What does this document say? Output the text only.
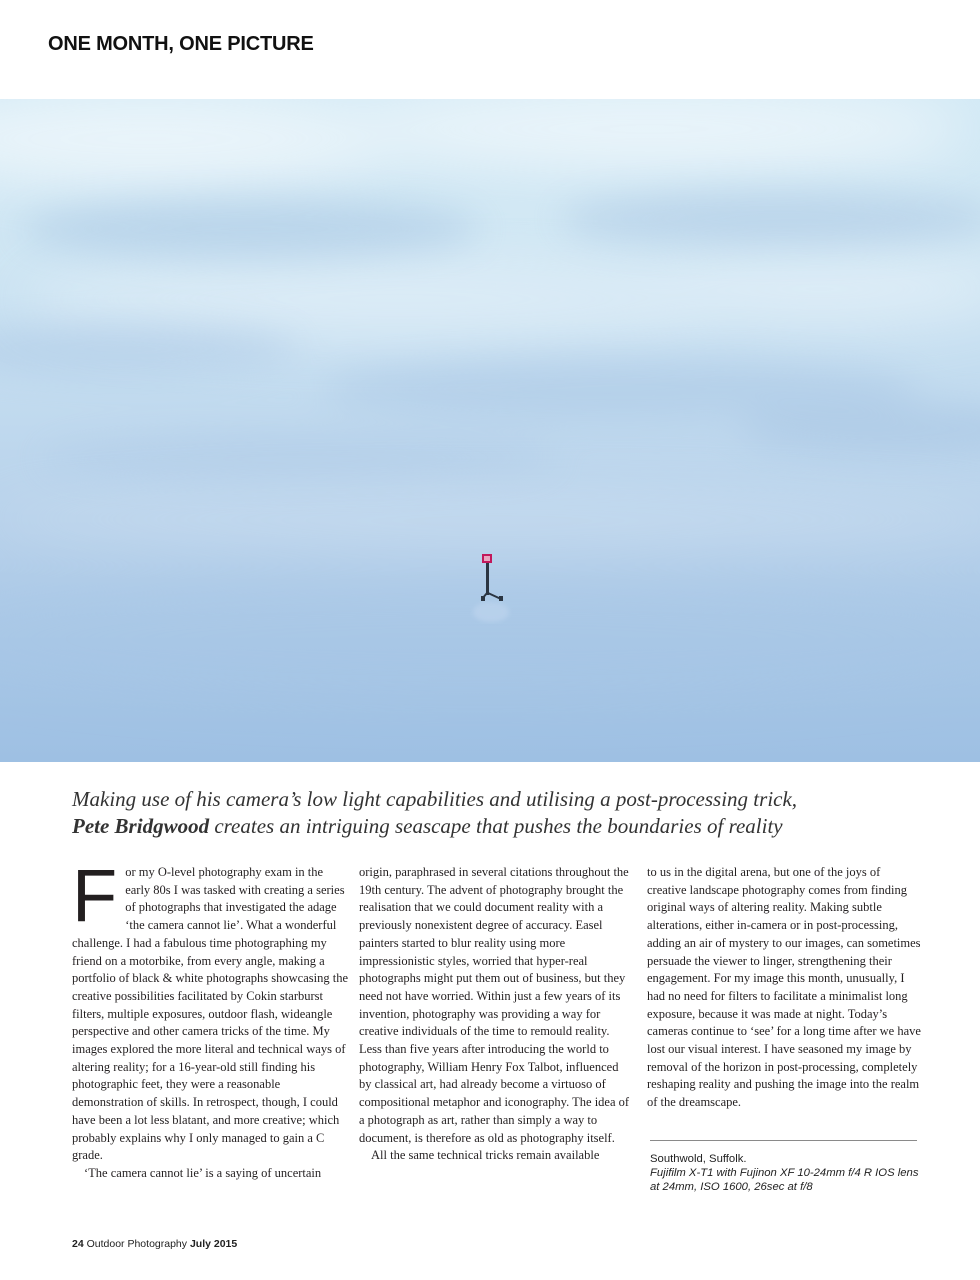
ONE MONTH, ONE PICTURE
Making use of his camera’s low light capabilities and utilising a post-processing trick,
Pete Bridgwood creates an intriguing seascape that pushes the boundaries of reality
F or my O-level photography exam in the early 80s I was tasked with creating a series of photographs that investigated the adage ‘the camera cannot lie’. What a wonderful challenge. I had a fabulous time photographing my friend on a motorbike, from every angle, making a portfolio of black & white photographs showcasing the creative possibilities facilitated by Cokin starburst filters, multiple exposures, outdoor flash, wideangle perspective and other camera tricks of the time. My images explored the more literal and technical ways of altering reality; for a 16-year-old still finding his photographic feet, they were a reasonable demonstration of skills. In retrospect, though, I could have been a lot less blatant, and more creative; which probably explains why I only managed to gain a C grade.

‘The camera cannot lie’ is a saying of uncertain

origin, paraphrased in several citations throughout the 19th century. The advent of photography brought the realisation that we could document reality with a previously nonexistent degree of accuracy. Easel painters started to blur reality using more impressionistic styles, worried that hyper-real photographs might put them out of business, but they need not have worried. Within just a few years of its invention, photography was providing a way for creative individuals of the time to remould reality. Less than five years after introducing the world to photography, William Henry Fox Talbot, influenced by classical art, had already become a virtuoso of compositional metaphor and iconography. The idea of a photograph as art, rather than simply a way to document, is therefore as old as photography itself.

All the same technical tricks remain available

to us in the digital arena, but one of the joys of creative landscape photography comes from finding original ways of altering reality. Making subtle alterations, either in-camera or in post-processing, adding an air of mystery to our images, can sometimes persuade the viewer to linger, strengthening their engagement. For my image this month, unusually, I had no need for filters to facilitate a minimalist long exposure, because it was made at night. Today’s cameras continue to ‘see’ for a long time after we have lost our visual interest. I have seasoned my image by removal of the horizon in post-processing, completely reshaping reality and pushing the image into the realm of the dreamscape.

Southwold, Suffolk.
Fujifilm X-T1 with Fujinon XF 10-24mm f/4 R IOS lens at 24mm, ISO 1600, 26sec at f/8
24 Outdoor Photography July 2015
